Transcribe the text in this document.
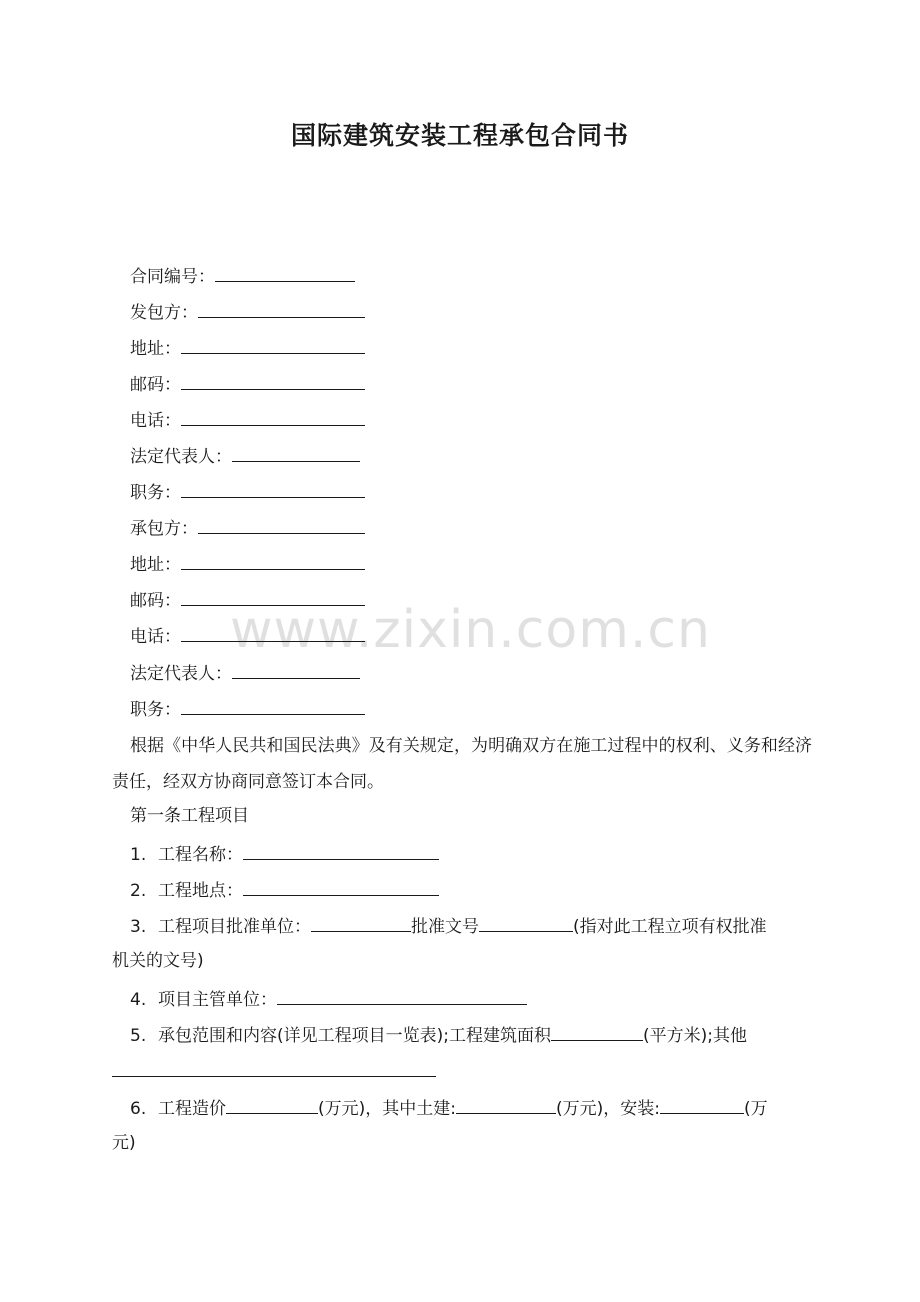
www.zixin.com.cn
国际建筑安装工程承包合同书
合同编号：
发包方：
地址：
邮码：
电话：
法定代表人：
职务：
承包方：
地址：
邮码：
电话：
法定代表人：
职务：
根据《中华人民共和国民法典》及有关规定，为明确双方在施工过程中的权利、义务和经济责任，经双方协商同意签订本合同。
第一条工程项目
1. 工程名称：
2. 工程地点：
3. 工程项目批准单位：	批准文号	(指对此工程立项有权批准
机关的文号)
4. 项目主管单位：
5. 承包范围和内容(详见工程项目一览表);工程建筑面积	(平方米);其他
6. 工程造价	(万元)，其中土建:	(万元)，安装:	(万
元)
